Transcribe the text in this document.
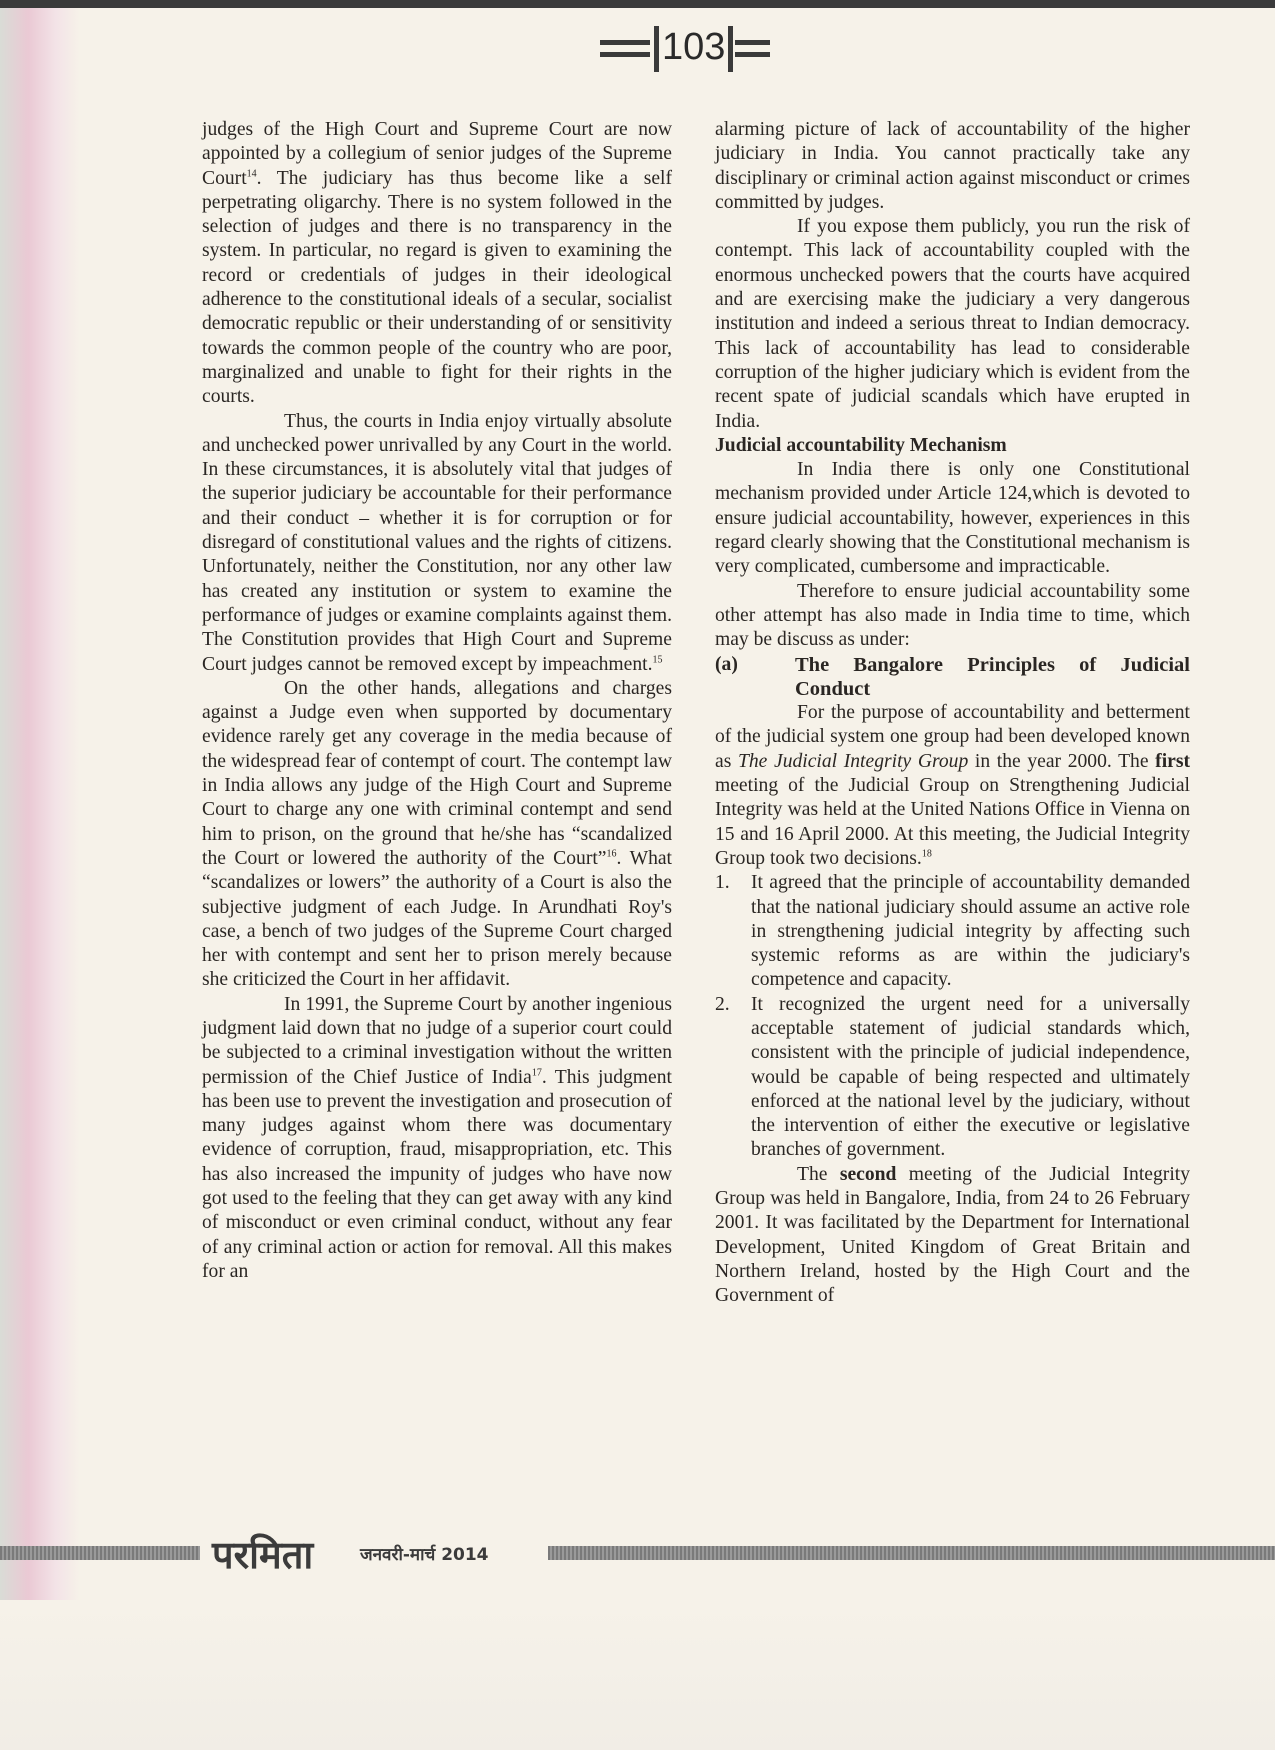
103

judges of the High Court and Supreme Court are now appointed by a collegium of senior judges of the Supreme Court$^{14}$. The judiciary has thus become like a self perpetrating oligarchy. There is no system followed in the selection of judges and there is no transparency in the system. In particular, no regard is given to examining the record or credentials of judges in their ideological adherence to the constitutional ideals of a secular, socialist democratic republic or their understanding of or sensitivity towards the common people of the country who are poor, marginalized and unable to fight for their rights in the courts.

Thus, the courts in India enjoy virtually absolute and unchecked power unrivalled by any Court in the world. In these circumstances, it is absolutely vital that judges of the superior judiciary be accountable for their performance and their conduct – whether it is for corruption or for disregard of constitutional values and the rights of citizens. Unfortunately, neither the Constitution, nor any other law has created any institution or system to examine the performance of judges or examine complaints against them. The Constitution provides that High Court and Supreme Court judges cannot be removed except by impeachment.$^{15}$

On the other hands, allegations and charges against a Judge even when supported by documentary evidence rarely get any coverage in the media because of the widespread fear of contempt of court. The contempt law in India allows any judge of the High Court and Supreme Court to charge any one with criminal contempt and send him to prison, on the ground that he/she has “scandalized the Court or lowered the authority of the Court”$^{16}$. What “scandalizes or lowers” the authority of a Court is also the subjective judgment of each Judge. In Arundhati Roy's case, a bench of two judges of the Supreme Court charged her with contempt and sent her to prison merely because she criticized the Court in her affidavit.

In 1991, the Supreme Court by another ingenious judgment laid down that no judge of a superior court could be subjected to a criminal investigation without the written permission of the Chief Justice of India$^{17}$. This judgment has been use to prevent the investigation and prosecution of many judges against whom there was documentary evidence of corruption, fraud, misappropriation, etc. This has also increased the impunity of judges who have now got used to the feeling that they can get away with any kind of misconduct or even criminal conduct, without any fear of any criminal action or action for removal. All this makes for an

alarming picture of lack of accountability of the higher judiciary in India. You cannot practically take any disciplinary or criminal action against misconduct or crimes committed by judges.

If you expose them publicly, you run the risk of contempt. This lack of accountability coupled with the enormous unchecked powers that the courts have acquired and are exercising make the judiciary a very dangerous institution and indeed a serious threat to Indian democracy. This lack of accountability has lead to considerable corruption of the higher judiciary which is evident from the recent spate of judicial scandals which have erupted in India.

Judicial accountability Mechanism

In India there is only one Constitutional mechanism provided under Article 124,which is devoted to ensure judicial accountability, however, experiences in this regard clearly showing that the Constitutional mechanism is very complicated, cumbersome and impracticable.

Therefore to ensure judicial accountability some other attempt has also made in India time to time, which may be discuss as under:

(a)	The Bangalore Principles of Judicial Conduct

For the purpose of accountability and betterment of the judicial system one group had been developed known as The Judicial Integrity Group in the year 2000. The first meeting of the Judicial Group on Strengthening Judicial Integrity was held at the United Nations Office in Vienna on 15 and 16 April 2000. At this meeting, the Judicial Integrity Group took two decisions.$^{18}$

1.	It agreed that the principle of accountability demanded that the national judiciary should assume an active role in strengthening judicial integrity by affecting such systemic reforms as are within the judiciary's competence and capacity.
2.	It recognized the urgent need for a universally acceptable statement of judicial standards which, consistent with the principle of judicial independence, would be capable of being respected and ultimately enforced at the national level by the judiciary, without the intervention of either the executive or legislative branches of government.

The second meeting of the Judicial Integrity Group was held in Bangalore, India, from 24 to 26 February 2001. It was facilitated by the Department for International Development, United Kingdom of Great Britain and Northern Ireland, hosted by the High Court and the Government of

परमिता	जनवरी-मार्च 2014
